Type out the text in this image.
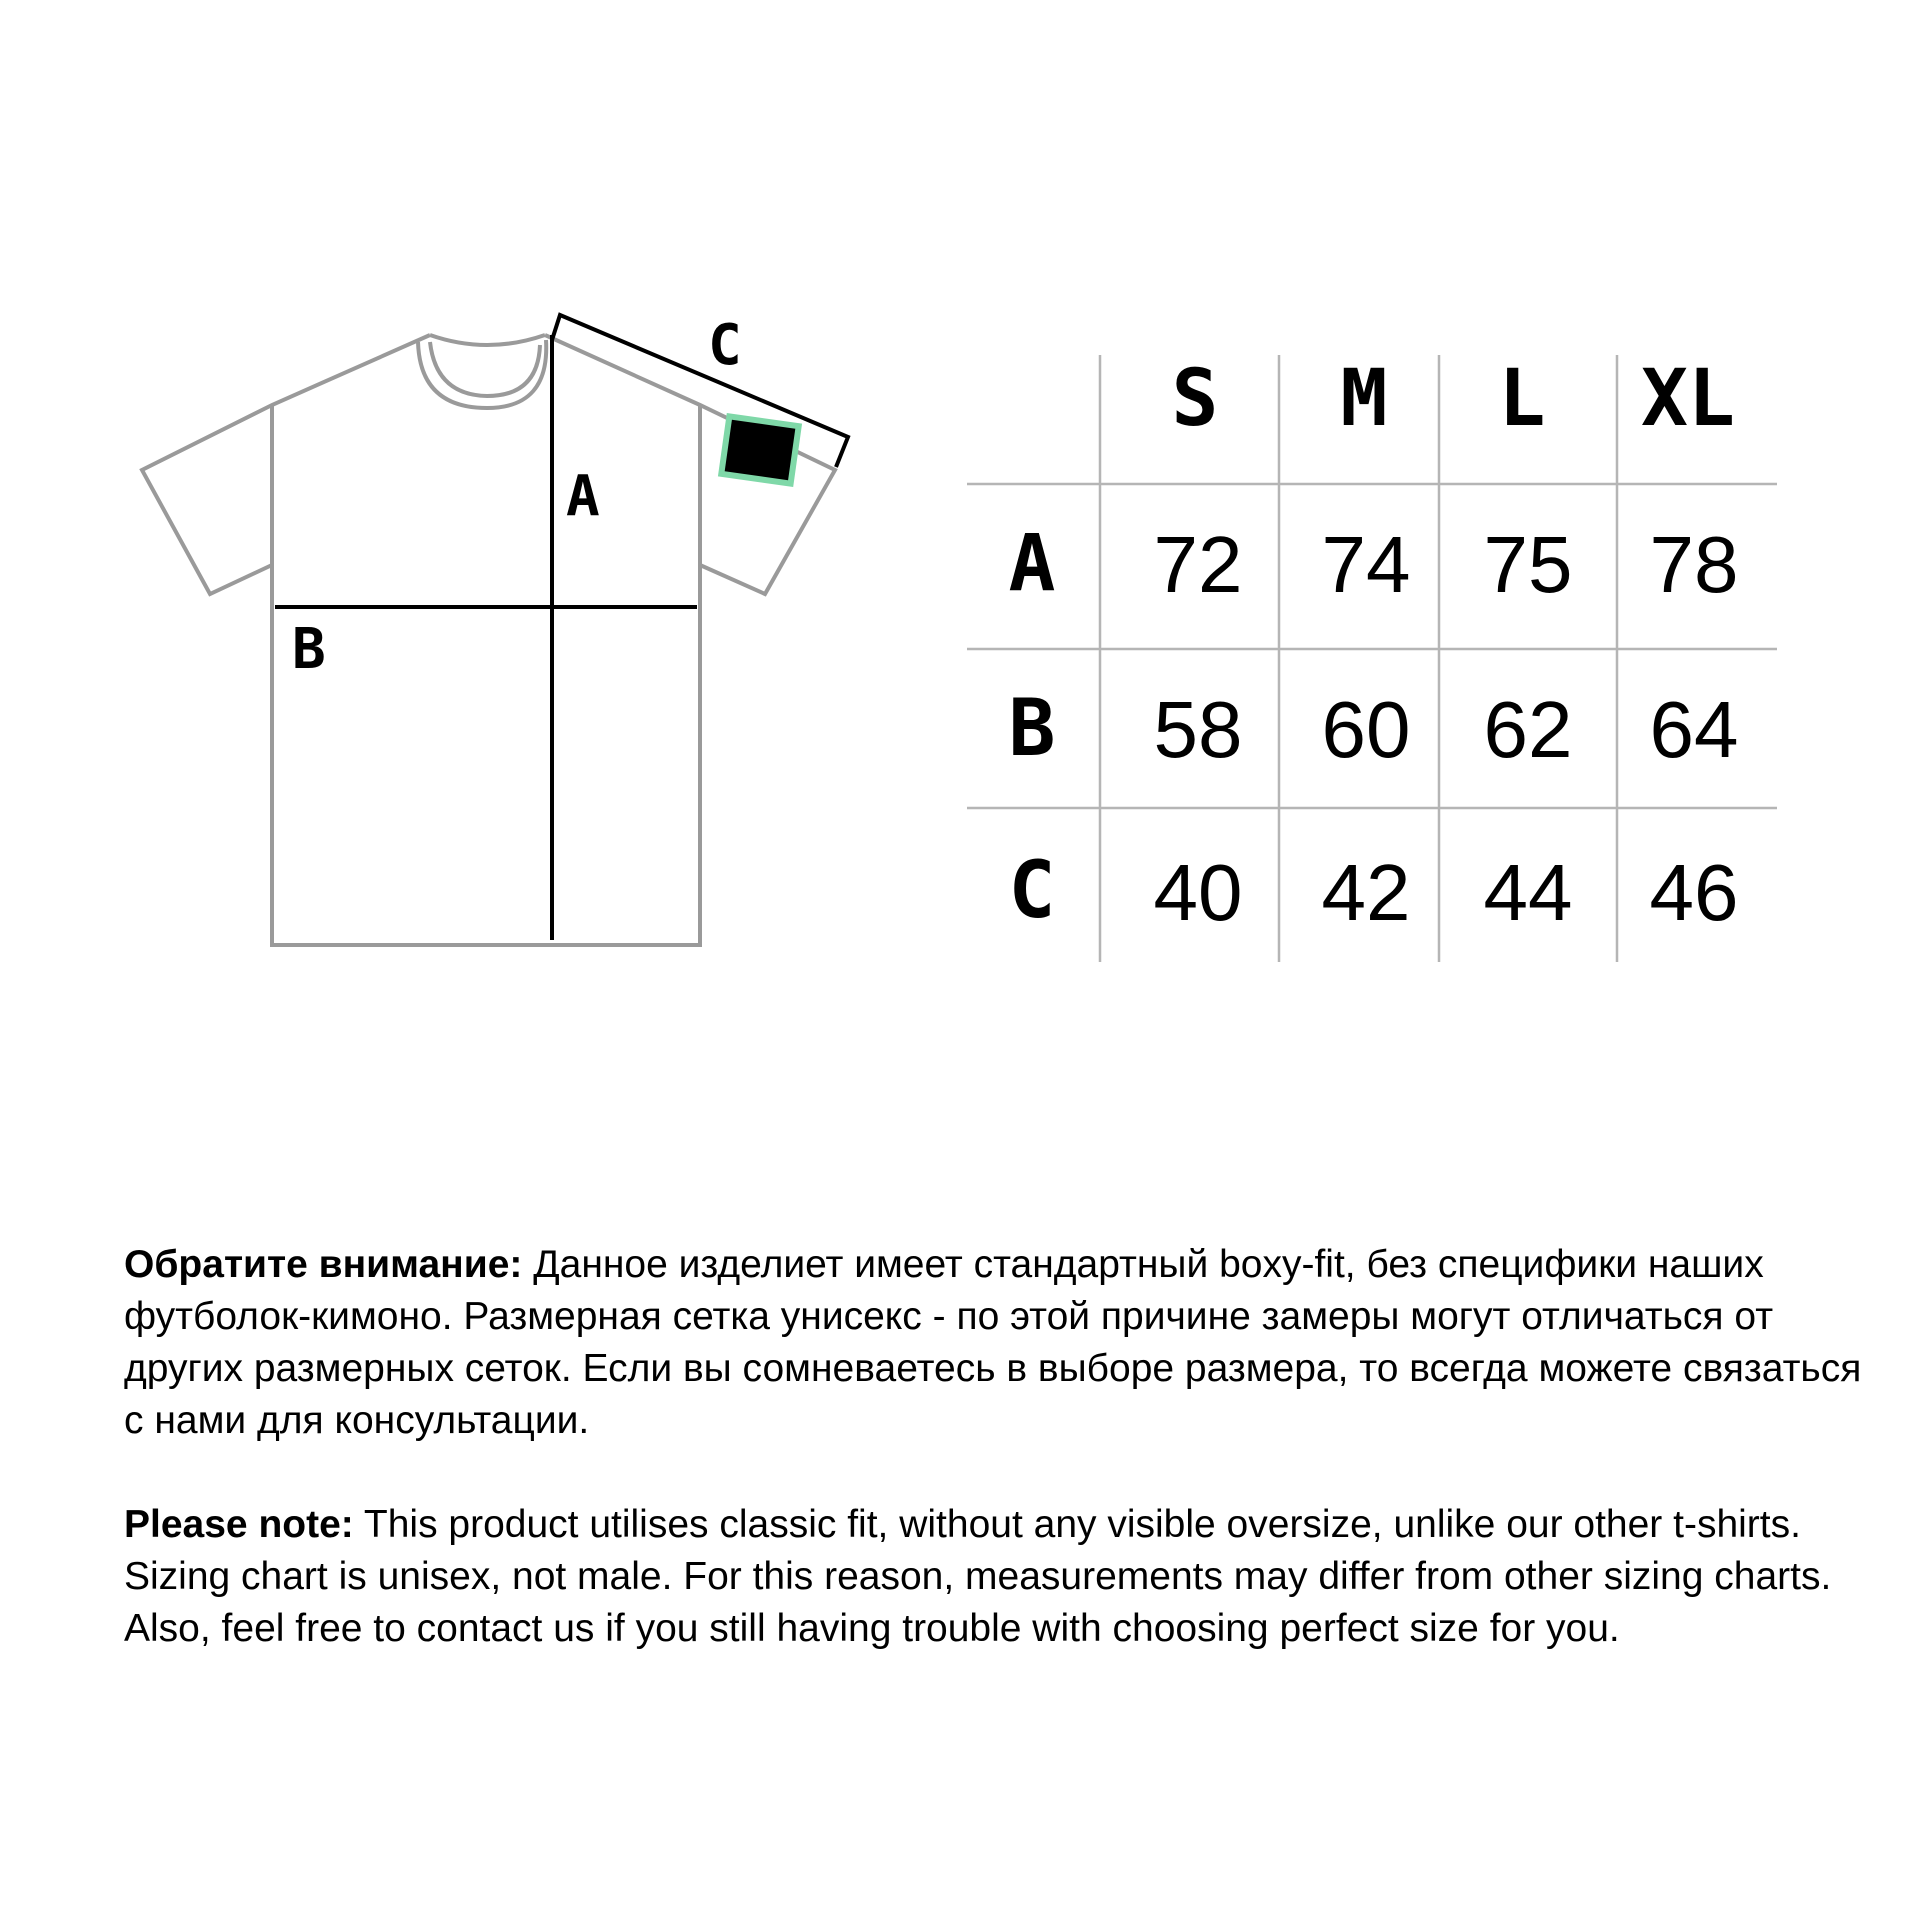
A
B
C
S M L XL
A 72 74 75 78
B 58 60 62 64
C 40 42 44 46

Обратите внимание: Данное изделиет имеет стандартный boxy-fit, без специфики наших футболок-кимоно. Размерная сетка унисекс - по этой причине замеры могут отличаться от других размерных сеток. Если вы сомневаетесь в выборе размера, то всегда можете связаться с нами для консультации.

Please note: This product utilises classic fit, without any visible oversize, unlike our other t-shirts. Sizing chart is unisex, not male. For this reason, measurements may differ from other sizing charts. Also, feel free to contact us if you still having trouble with choosing perfect size for you.
